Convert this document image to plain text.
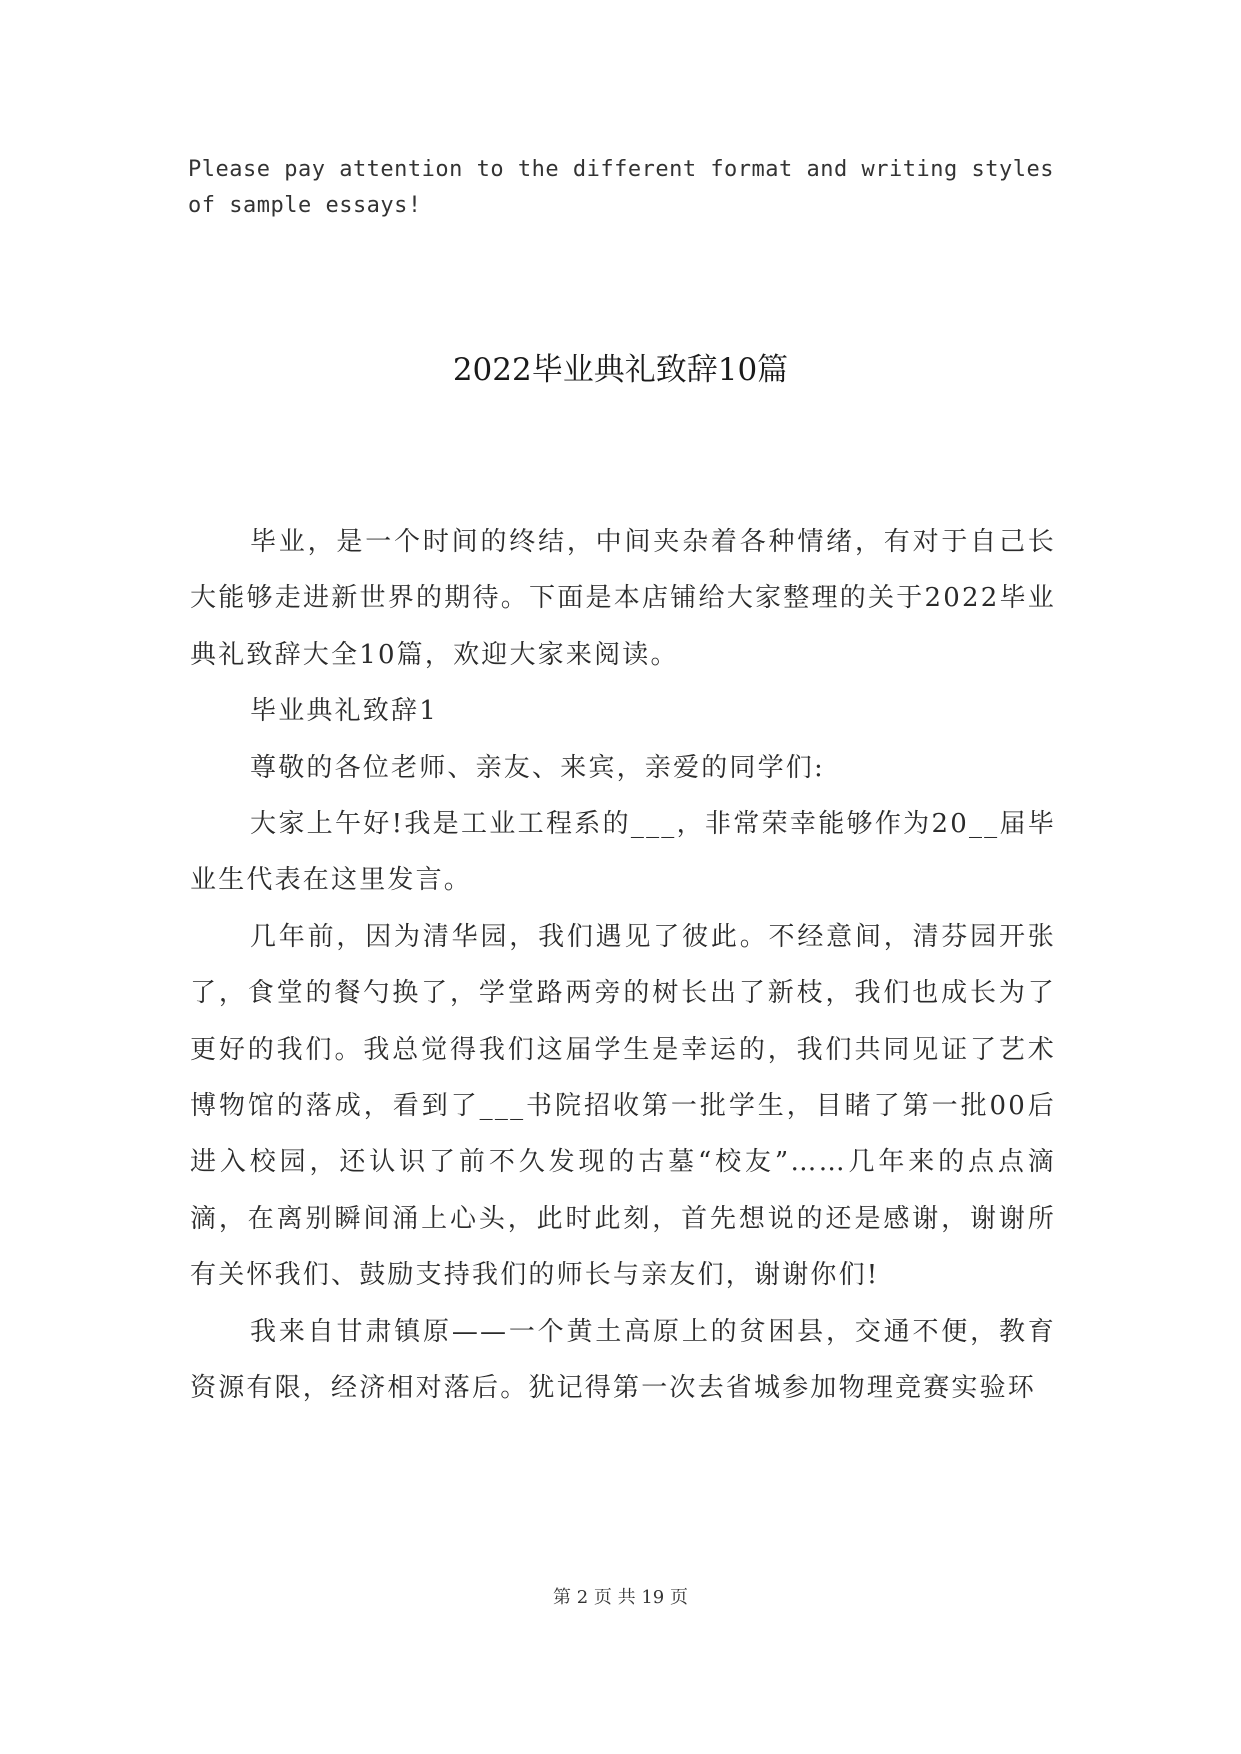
Please pay attention to the different format and writing styles of sample essays!
2022毕业典礼致辞10篇

毕业，是一个时间的终结，中间夹杂着各种情绪，有对于自己长大能够走进新世界的期待。下面是本店铺给大家整理的关于2022毕业典礼致辞大全10篇，欢迎大家来阅读。

毕业典礼致辞1

尊敬的各位老师、亲友、来宾，亲爱的同学们:

大家上午好!我是工业工程系的___，非常荣幸能够作为20__届毕业生代表在这里发言。

几年前，因为清华园，我们遇见了彼此。不经意间，清芬园开张了，食堂的餐勺换了，学堂路两旁的树长出了新枝，我们也成长为了更好的我们。我总觉得我们这届学生是幸运的，我们共同见证了艺术博物馆的落成，看到了___书院招收第一批学生，目睹了第一批00后进入校园，还认识了前不久发现的古墓“校友”……几年来的点点滴滴，在离别瞬间涌上心头，此时此刻，首先想说的还是感谢，谢谢所有关怀我们、鼓励支持我们的师长与亲友们，谢谢你们!

我来自甘肃镇原——一个黄土高原上的贫困县，交通不便，教育资源有限，经济相对落后。犹记得第一次去省城参加物理竞赛实验环

第 2 页 共 19 页
